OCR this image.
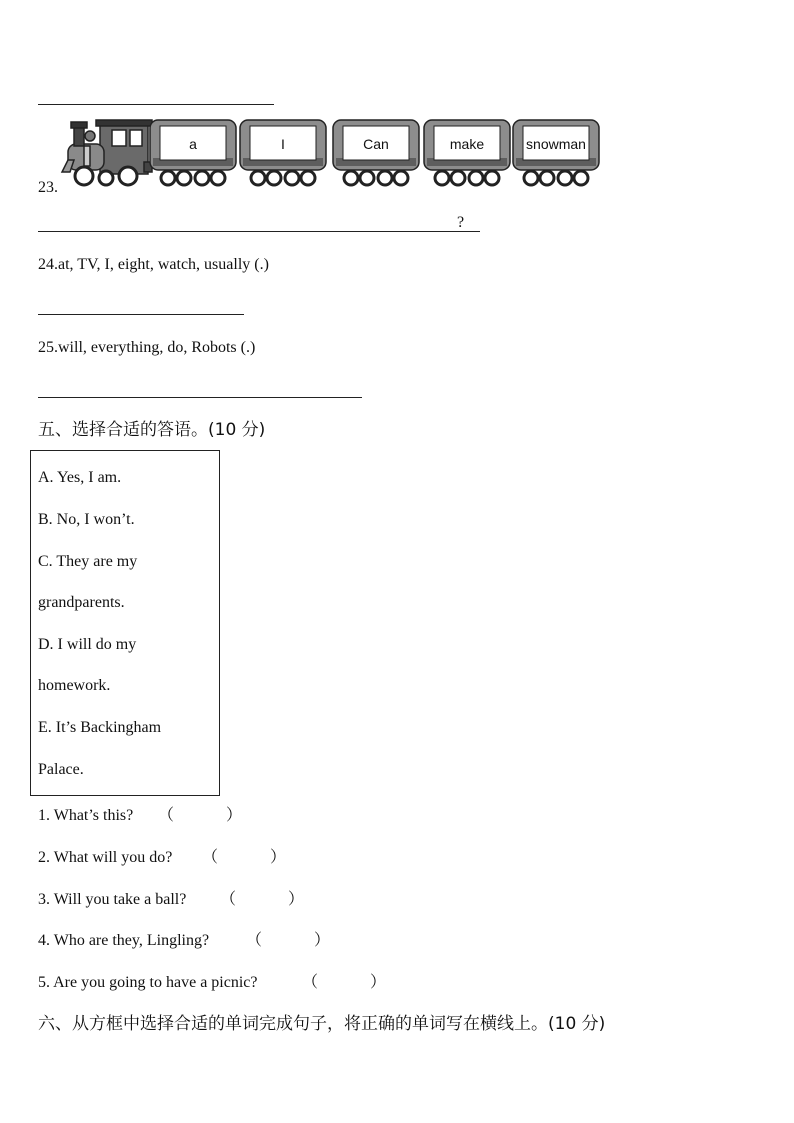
23.
a	I	Can	make	snowman
?
24.at, TV, I, eight, watch, usually (.)
25.will, everything, do, Robots (.)
五、选择合适的答语。(10 分)
A. Yes, I am.
B. No, I won’t.
C. They are my
grandparents.
D. I will do my
homework.
E. It’s Backingham
Palace.
1. What’s this? （	）
2. What will you do? （	）
3. Will you take a ball? （	）
4. Who are they, Lingling? （	）
5. Are you going to have a picnic?	（	）
六、从方框中选择合适的单词完成句子，将正确的单词写在横线上。(10 分)
